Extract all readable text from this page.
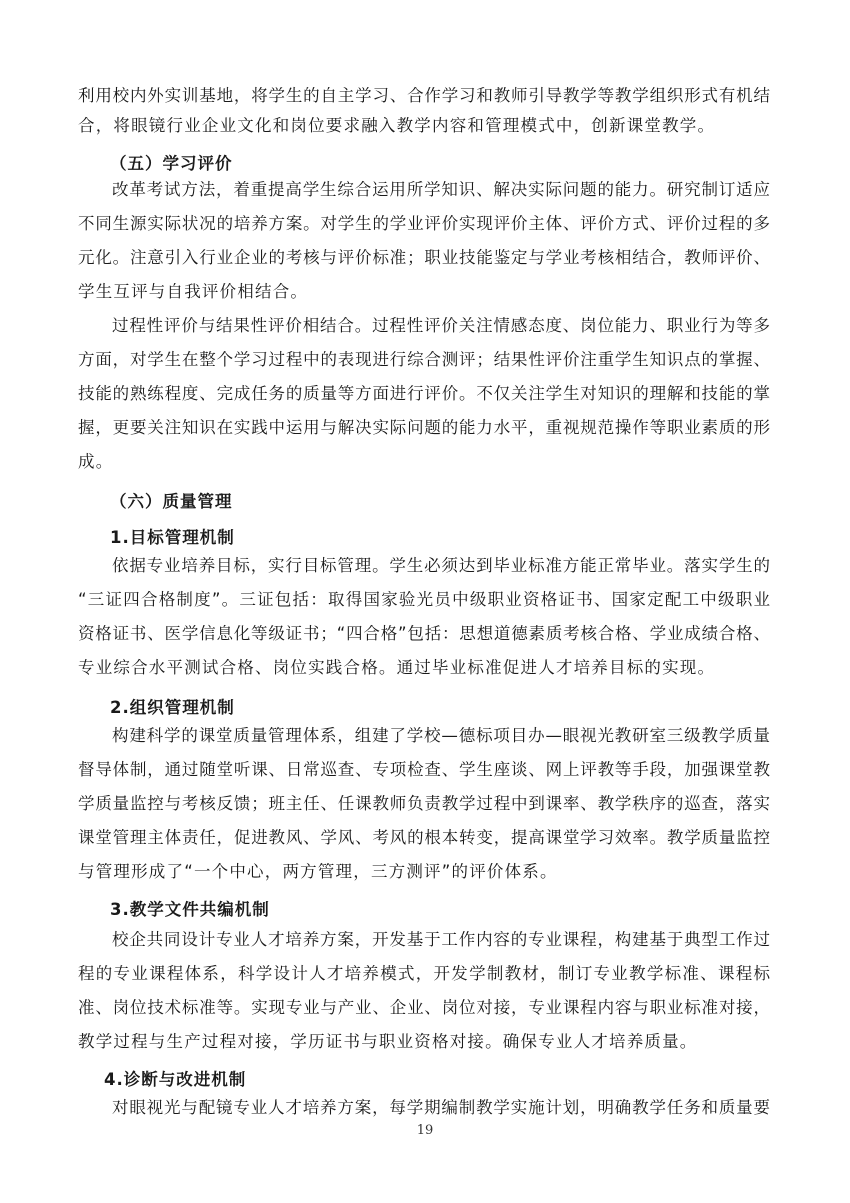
利用校内外实训基地，将学生的自主学习、合作学习和教师引导教学等教学组织形式有机结
合，将眼镜行业企业文化和岗位要求融入教学内容和管理模式中，创新课堂教学。
（五）学习评价
改革考试方法，着重提高学生综合运用所学知识、解决实际问题的能力。研究制订适应
不同生源实际状况的培养方案。对学生的学业评价实现评价主体、评价方式、评价过程的多
元化。注意引入行业企业的考核与评价标准；职业技能鉴定与学业考核相结合，教师评价、
学生互评与自我评价相结合。
过程性评价与结果性评价相结合。过程性评价关注情感态度、岗位能力、职业行为等多
方面，对学生在整个学习过程中的表现进行综合测评；结果性评价注重学生知识点的掌握、
技能的熟练程度、完成任务的质量等方面进行评价。不仅关注学生对知识的理解和技能的掌
握，更要关注知识在实践中运用与解决实际问题的能力水平，重视规范操作等职业素质的形
成。
（六）质量管理
1.目标管理机制
依据专业培养目标，实行目标管理。学生必须达到毕业标准方能正常毕业。落实学生的
“三证四合格制度”。三证包括：取得国家验光员中级职业资格证书、国家定配工中级职业
资格证书、医学信息化等级证书；“四合格”包括：思想道德素质考核合格、学业成绩合格、
专业综合水平测试合格、岗位实践合格。通过毕业标准促进人才培养目标的实现。
2.组织管理机制
构建科学的课堂质量管理体系，组建了学校—德标项目办—眼视光教研室三级教学质量
督导体制，通过随堂听课、日常巡查、专项检查、学生座谈、网上评教等手段，加强课堂教
学质量监控与考核反馈；班主任、任课教师负责教学过程中到课率、教学秩序的巡查，落实
课堂管理主体责任，促进教风、学风、考风的根本转变，提高课堂学习效率。教学质量监控
与管理形成了“一个中心，两方管理，三方测评”的评价体系。
3.教学文件共编机制
校企共同设计专业人才培养方案，开发基于工作内容的专业课程，构建基于典型工作过
程的专业课程体系，科学设计人才培养模式，开发学制教材，制订专业教学标准、课程标
准、岗位技术标准等。实现专业与产业、企业、岗位对接，专业课程内容与职业标准对接，
教学过程与生产过程对接，学历证书与职业资格对接。确保专业人才培养质量。
4.诊断与改进机制
对眼视光与配镜专业人才培养方案，每学期编制教学实施计划，明确教学任务和质量要
19
